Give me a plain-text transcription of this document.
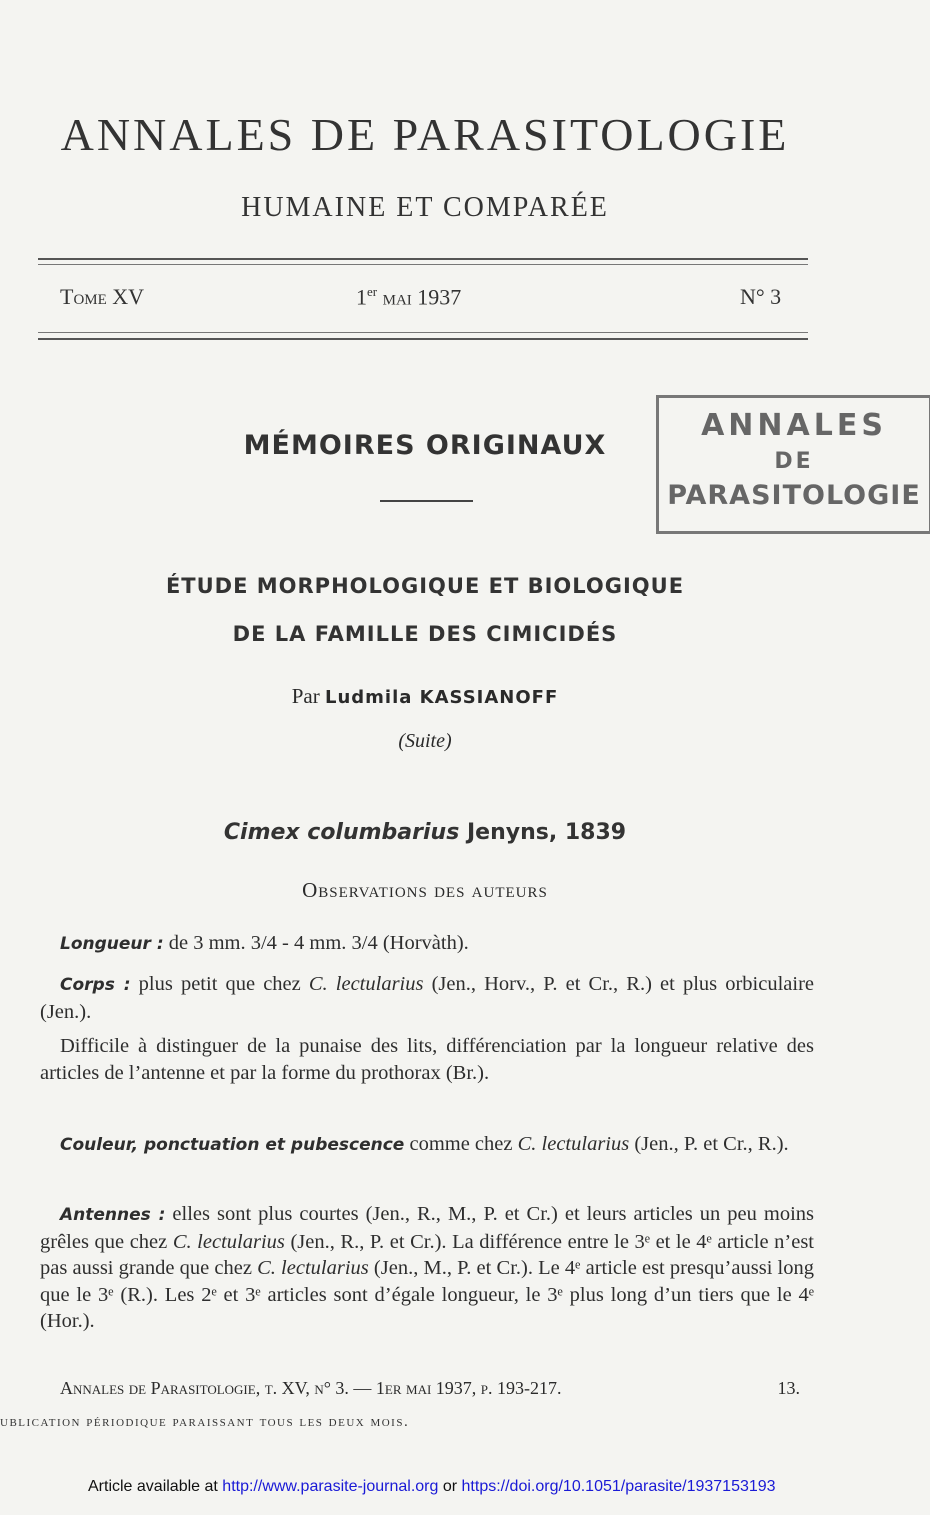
ANNALES DE PARASITOLOGIE
HUMAINE ET COMPARÉE
Tome XV	1er mai 1937	N° 3
ANNALES
DE
PARASITOLOGIE
MÉMOIRES ORIGINAUX
ÉTUDE MORPHOLOGIQUE ET BIOLOGIQUE
DE LA FAMILLE DES CIMICIDÉS
Par Ludmila KASSIANOFF
(Suite)
Cimex columbarius Jenyns, 1839
Observations des auteurs
Longueur : de 3 mm. 3/4 - 4 mm. 3/4 (Horvàth).
Corps : plus petit que chez C. lectularius (Jen., Horv., P. et Cr., R.) et plus orbiculaire (Jen.).
Difficile à distinguer de la punaise des lits, différenciation par la longueur relative des articles de l’antenne et par la forme du prothorax (Br.).
Couleur, ponctuation et pubescence comme chez C. lectularius (Jen., P. et Cr., R.).
Antennes : elles sont plus courtes (Jen., R., M., P. et Cr.) et leurs articles un peu moins grêles que chez C. lectularius (Jen., R., P. et Cr.). La différence entre le 3ᵉ et le 4ᵉ article n’est pas aussi grande que chez C. lectularius (Jen., M., P. et Cr.). Le 4ᵉ article est presqu’aussi long que le 3ᵉ (R.). Les 2ᵉ et 3ᵉ articles sont d’égale longueur, le 3ᵉ plus long d’un tiers que le 4ᵉ (Hor.).
Annales de Parasitologie, t. XV, n° 3. — 1er mai 1937, p. 193-217.	13.
ublication périodique paraissant tous les deux mois.
Article available at http://www.parasite-journal.org or https://doi.org/10.1051/parasite/1937153193
